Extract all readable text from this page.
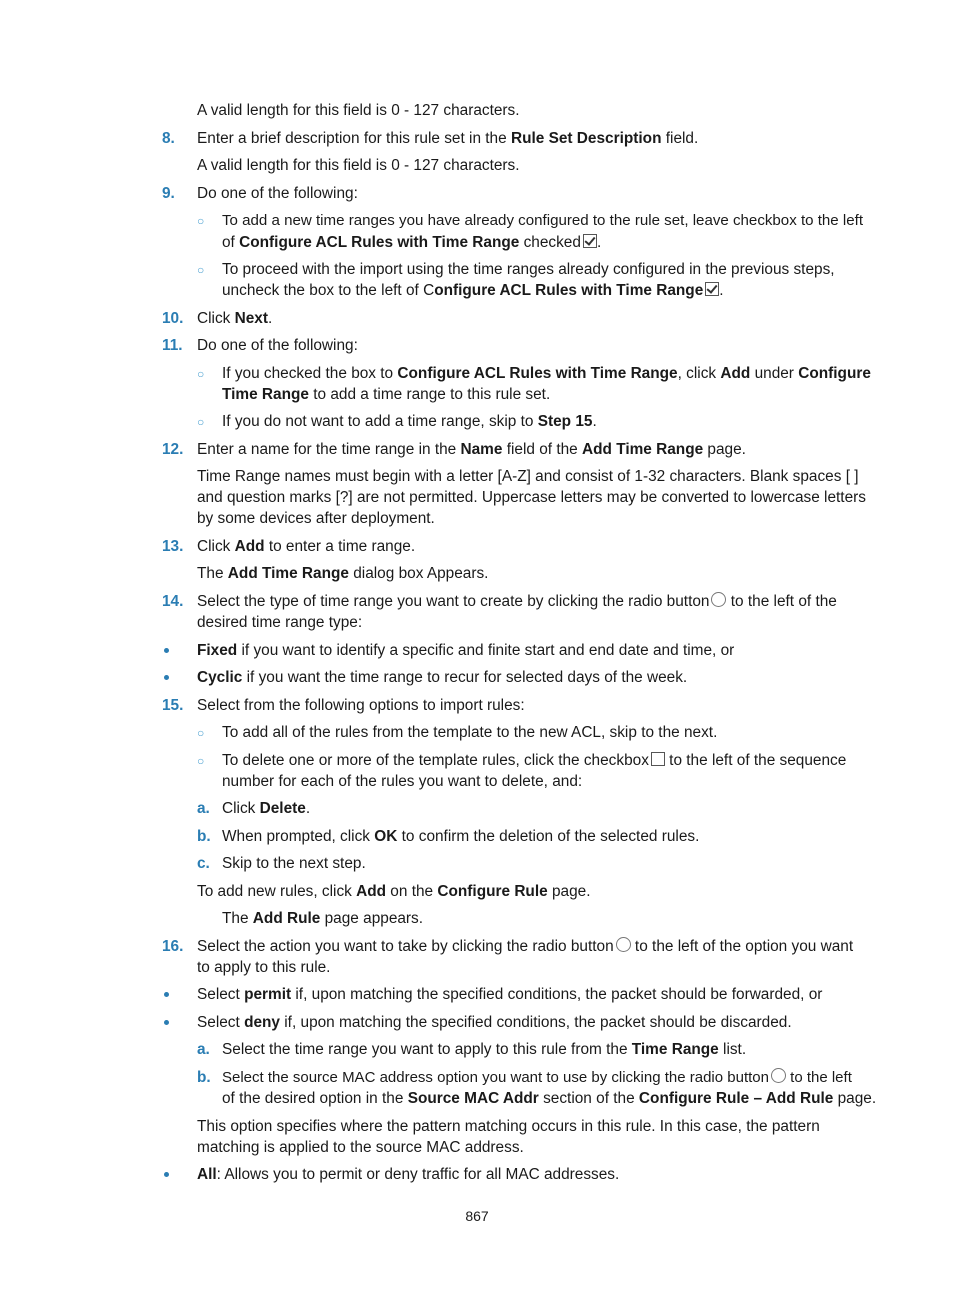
A valid length for this field is 0 - 127 characters.
8. Enter a brief description for this rule set in the Rule Set Description field.
A valid length for this field is 0 - 127 characters.
9. Do one of the following:
○ To add a new time ranges you have already configured to the rule set, leave checkbox to the left
of Configure ACL Rules with Time Range checked .
○ To proceed with the import using the time ranges already configured in the previous steps,
uncheck the box to the left of Configure ACL Rules with Time Range .
10. Click Next.
11. Do one of the following:
○ If you checked the box to Configure ACL Rules with Time Range, click Add under Configure
Time Range to add a time range to this rule set.
○ If you do not want to add a time range, skip to Step 15.
12. Enter a name for the time range in the Name field of the Add Time Range page.
Time Range names must begin with a letter [A-Z] and consist of 1-32 characters. Blank spaces [ ]
and question marks [?] are not permitted. Uppercase letters may be converted to lowercase letters
by some devices after deployment.
13. Click Add to enter a time range.
The Add Time Range dialog box Appears.
14. Select the type of time range you want to create by clicking the radio button to the left of the
desired time range type:
Fixed if you want to identify a specific and finite start and end date and time, or
Cyclic if you want the time range to recur for selected days of the week.
15. Select from the following options to import rules:
○ To add all of the rules from the template to the new ACL, skip to the next.
○ To delete one or more of the template rules, click the checkbox to the left of the sequence
number for each of the rules you want to delete, and:
a. Click Delete.
b. When prompted, click OK to confirm the deletion of the selected rules.
c. Skip to the next step.
To add new rules, click Add on the Configure Rule page.
The Add Rule page appears.
16. Select the action you want to take by clicking the radio button to the left of the option you want
to apply to this rule.
Select permit if, upon matching the specified conditions, the packet should be forwarded, or
Select deny if, upon matching the specified conditions, the packet should be discarded.
a. Select the time range you want to apply to this rule from the Time Range list.
b. Select the source MAC address option you want to use by clicking the radio button to the left
of the desired option in the Source MAC Addr section of the Configure Rule – Add Rule page.
This option specifies where the pattern matching occurs in this rule. In this case, the pattern
matching is applied to the source MAC address.
All: Allows you to permit or deny traffic for all MAC addresses.
867
